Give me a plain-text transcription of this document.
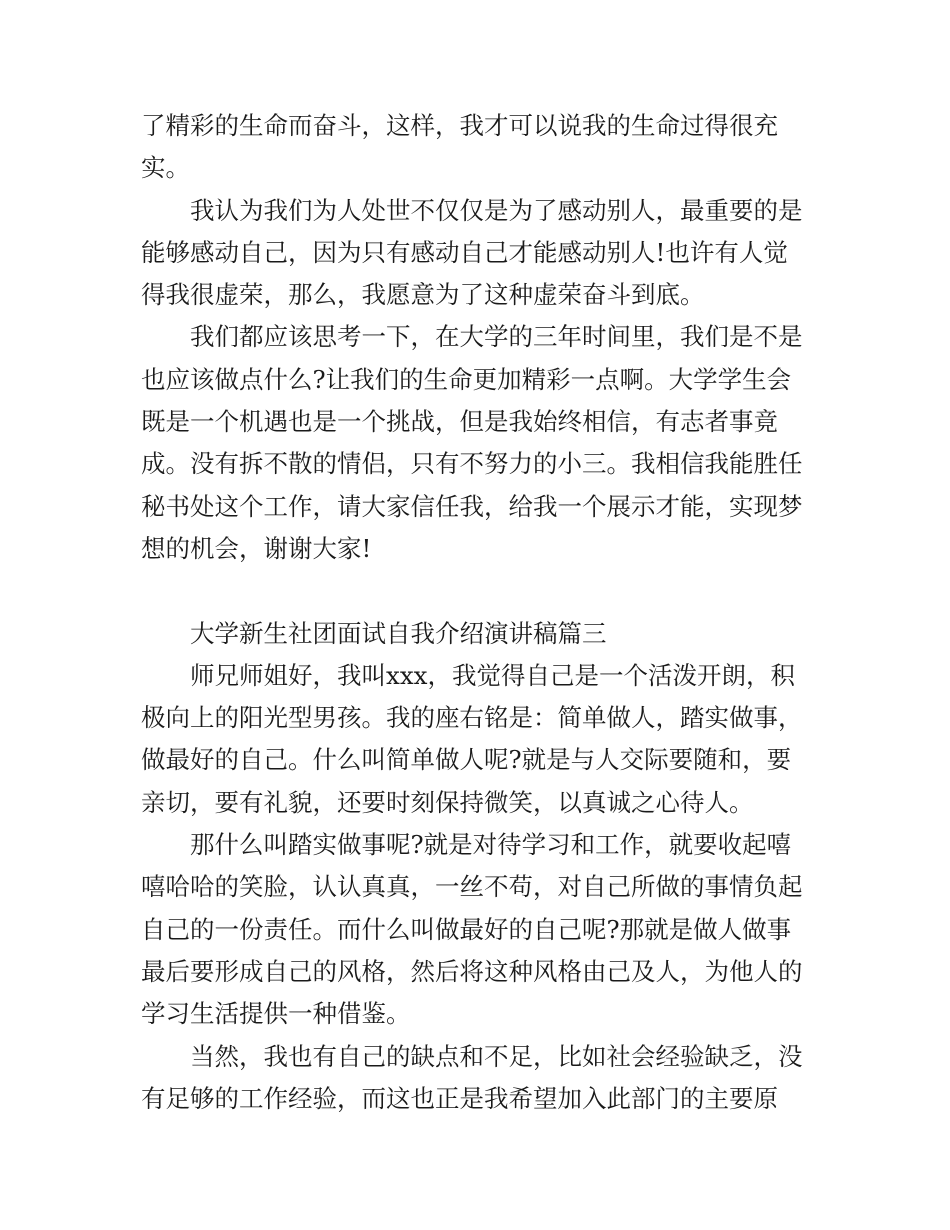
了精彩的生命而奋斗，这样，我才可以说我的生命过得很充
实。
我认为我们为人处世不仅仅是为了感动别人，最重要的是
能够感动自己，因为只有感动自己才能感动别人!也许有人觉
得我很虚荣，那么，我愿意为了这种虚荣奋斗到底。
我们都应该思考一下，在大学的三年时间里，我们是不是
也应该做点什么?让我们的生命更加精彩一点啊。大学学生会
既是一个机遇也是一个挑战，但是我始终相信，有志者事竟
成。没有拆不散的情侣，只有不努力的小三。我相信我能胜任
秘书处这个工作，请大家信任我，给我一个展示才能，实现梦
想的机会，谢谢大家!
大学新生社团面试自我介绍演讲稿篇三
师兄师姐好，我叫xxx，我觉得自己是一个活泼开朗，积
极向上的阳光型男孩。我的座右铭是：简单做人，踏实做事，
做最好的自己。什么叫简单做人呢?就是与人交际要随和，要
亲切，要有礼貌，还要时刻保持微笑，以真诚之心待人。
那什么叫踏实做事呢?就是对待学习和工作，就要收起嘻
嘻哈哈的笑脸，认认真真，一丝不苟，对自己所做的事情负起
自己的一份责任。而什么叫做最好的自己呢?那就是做人做事
最后要形成自己的风格，然后将这种风格由己及人，为他人的
学习生活提供一种借鉴。
当然，我也有自己的缺点和不足，比如社会经验缺乏，没
有足够的工作经验，而这也正是我希望加入此部门的主要原
